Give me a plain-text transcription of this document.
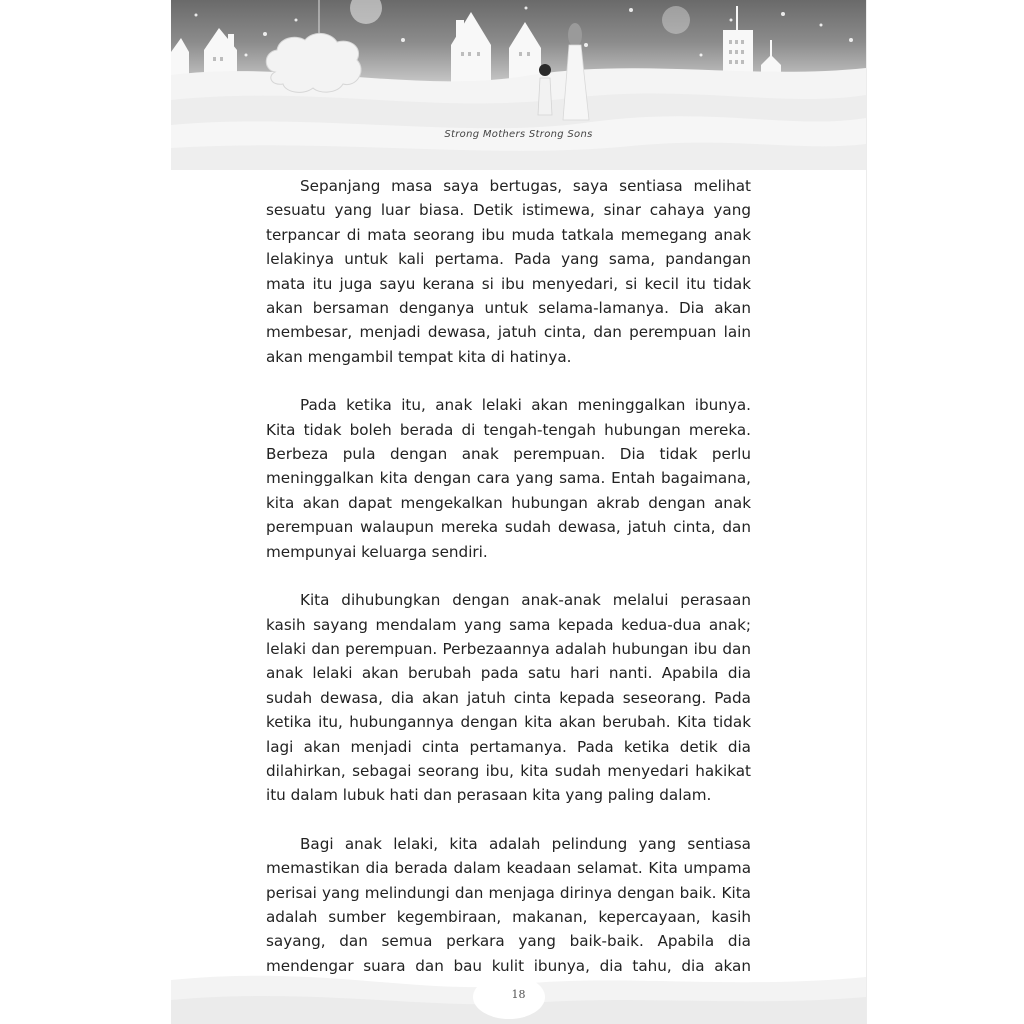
Strong Mothers Strong Sons

Sepanjang masa saya bertugas, saya sentiasa melihat sesuatu yang luar biasa. Detik istimewa, sinar cahaya yang terpancar di mata seorang ibu muda tatkala memegang anak lelakinya untuk kali pertama. Pada yang sama, pandangan mata itu juga sayu kerana si ibu menyedari, si kecil itu tidak akan bersaman denganya untuk selama-lamanya. Dia akan membesar, menjadi dewasa, jatuh cinta, dan perempuan lain akan mengambil tempat kita di hatinya.

Pada ketika itu, anak lelaki akan meninggalkan ibunya. Kita tidak boleh berada di tengah-tengah hubungan mereka. Berbeza pula dengan anak perempuan. Dia tidak perlu meninggalkan kita dengan cara yang sama. Entah bagaimana, kita akan dapat mengekalkan hubungan akrab dengan anak perempuan walaupun mereka sudah dewasa, jatuh cinta, dan mempunyai keluarga sendiri.

Kita dihubungkan dengan anak-anak melalui perasaan kasih sayang mendalam yang sama kepada kedua-dua anak; lelaki dan perempuan. Perbezaannya adalah hubungan ibu dan anak lelaki akan berubah pada satu hari nanti. Apabila dia sudah dewasa, dia akan jatuh cinta kepada seseorang. Pada ketika itu, hubungannya dengan kita akan berubah. Kita tidak lagi akan menjadi cinta pertamanya. Pada ketika detik dia dilahirkan, sebagai seorang ibu, kita sudah menyedari hakikat itu dalam lubuk hati dan perasaan kita yang paling dalam.

Bagi anak lelaki, kita adalah pelindung yang sentiasa memastikan dia berada dalam keadaan selamat. Kita umpama perisai yang melindungi dan menjaga dirinya dengan baik. Kita adalah sumber kegembiraan, makanan, kepercayaan, kasih sayang, dan semua perkara yang baik-baik. Apabila dia mendengar suara dan bau kulit ibunya, dia tahu, dia akan

18
